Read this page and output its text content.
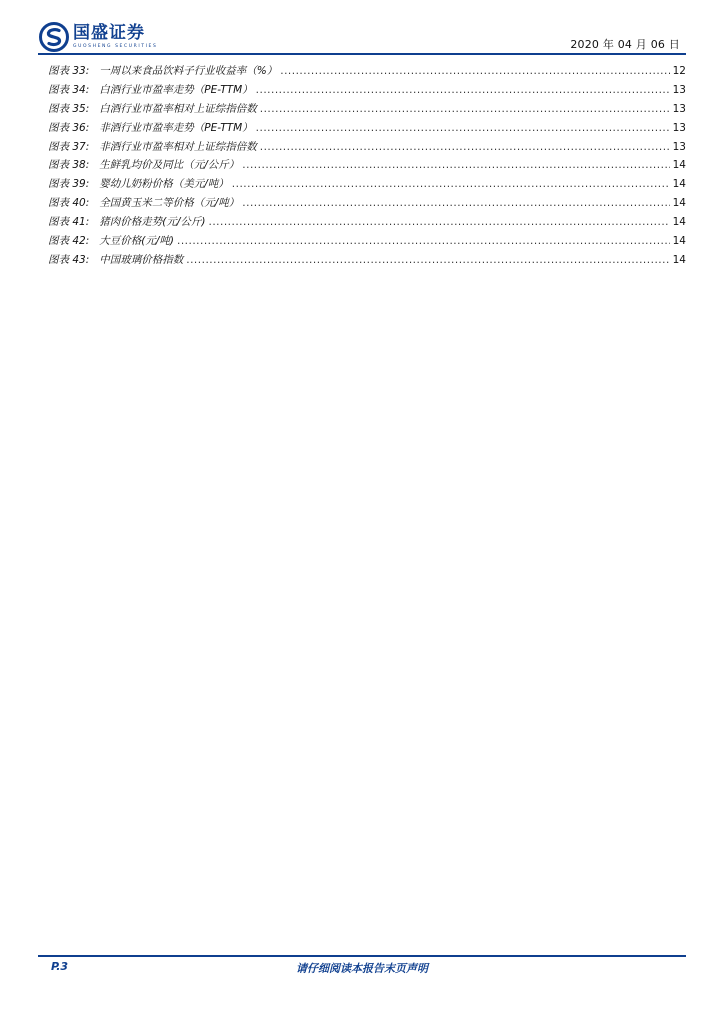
国盛证券
GUOSHENG SECURITIES	2020 年 04 月 06 日
图表 33: 一周以来食品饮料子行业收益率（%） .....	12
图表 34: 白酒行业市盈率走势（PE-TTM） .....	13
图表 35: 白酒行业市盈率相对上证综指倍数 .....	13
图表 36: 非酒行业市盈率走势（PE-TTM） .....	13
图表 37: 非酒行业市盈率相对上证综指倍数 .....	13
图表 38: 生鲜乳均价及同比（元/公斤） .....	14
图表 39: 婴幼儿奶粉价格（美元/吨） .....	14
图表 40: 全国黄玉米二等价格（元/吨） .....	14
图表 41: 猪肉价格走势(元/公斤) .....	14
图表 42: 大豆价格(元/吨) .....	14
图表 43: 中国玻璃价格指数 .....	14
P.3	请仔细阅读本报告末页声明
